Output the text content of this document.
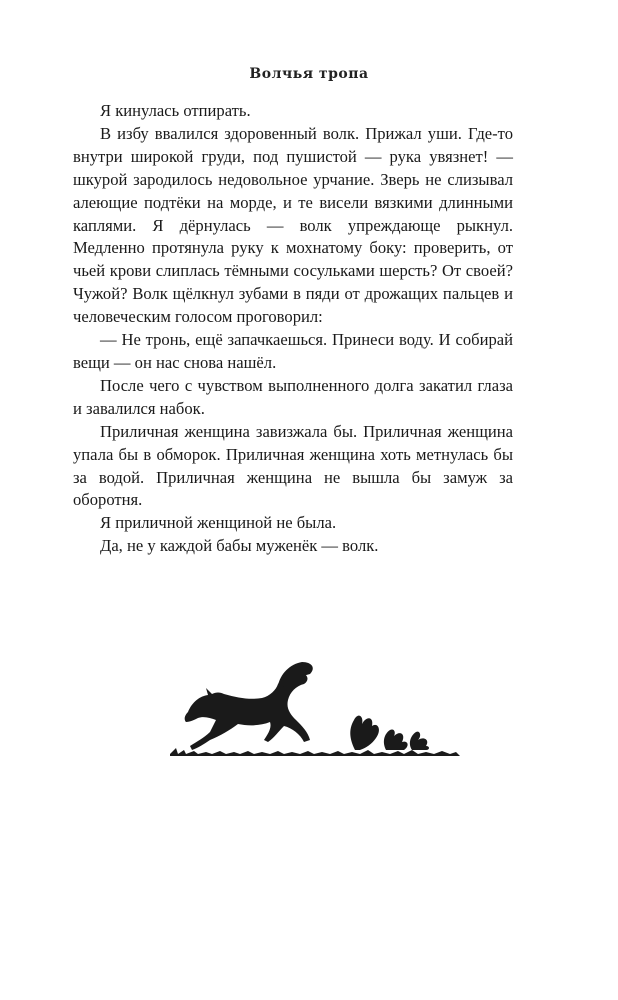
Волчья тропа

Я кинулась отпирать.

В избу ввалился здоровенный волк. Прижал уши. Где-то внутри широкой груди, под пушистой — рука увязнет! — шкурой зародилось недовольное урчание. Зверь не слизывал алеющие подтёки на морде, и те висели вязкими длинными каплями. Я дёрнулась — волк упреждающе рыкнул. Медленно протянула руку к мохнатому боку: проверить, от чьей крови слиплась тёмными сосульками шерсть? От своей? Чужой? Волк щёлкнул зубами в пяди от дрожащих пальцев и человеческим голосом проговорил:

— Не тронь, ещё запачкаешься. Принеси воду. И собирай вещи — он нас снова нашёл.

После чего с чувством выполненного долга закатил глаза и завалился набок.

Приличная женщина завизжала бы. Приличная женщина упала бы в обморок. Приличная женщина хоть метнулась бы за водой. Приличная женщина не вышла бы замуж за оборотня.

Я приличной женщиной не была.

Да, не у каждой бабы муженёк — волк.
